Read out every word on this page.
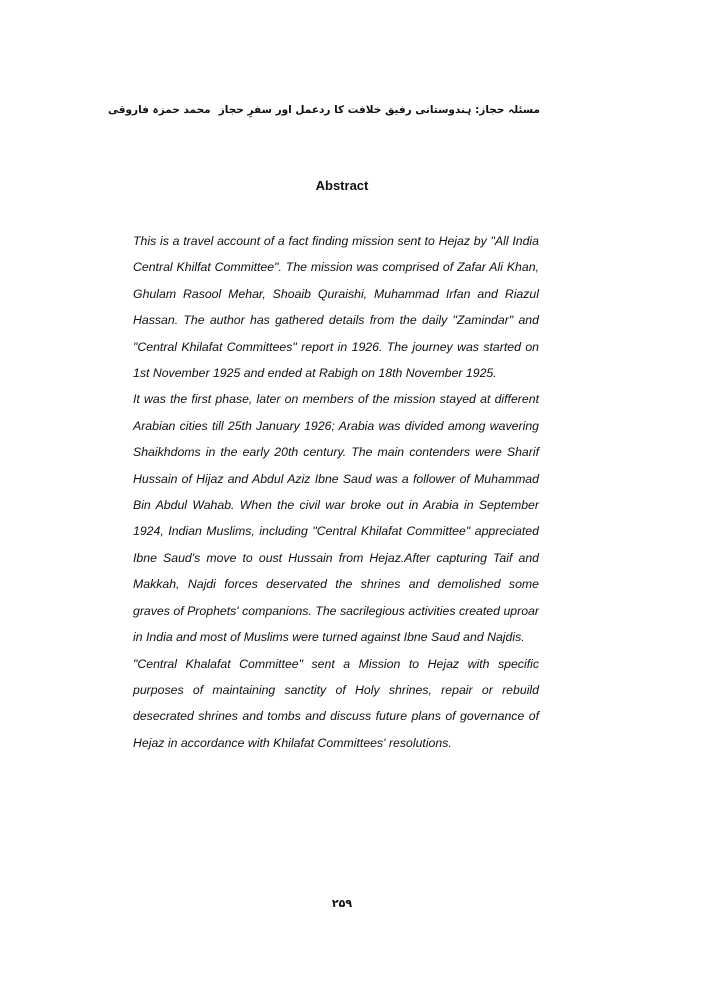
مسئلہ حجاز: ہندوستانی رفیق خلافت کا ردعمل اور سفرِ حجاز
محمد حمزہ فاروقی
Abstract

This is a travel account of a fact finding mission sent to Hejaz by "All India Central Khilfat Committee". The mission was comprised of Zafar Ali Khan, Ghulam Rasool Mehar, Shoaib Quraishi, Muhammad Irfan and Riazul Hassan. The author has gathered details from the daily "Zamindar" and "Central Khilafat Committees" report in 1926. The journey was started on 1st November 1925 and ended at Rabigh on 18th November 1925.

It was the first phase, later on members of the mission stayed at different Arabian cities till 25th January 1926; Arabia was divided among wavering Shaikhdoms in the early 20th century. The main contenders were Sharif Hussain of Hijaz and Abdul Aziz Ibne Saud was a follower of Muhammad Bin Abdul Wahab. When the civil war broke out in Arabia in September 1924, Indian Muslims, including "Central Khilafat Committee" appreciated Ibne Saud's move to oust Hussain from Hejaz.After capturing Taif and Makkah, Najdi forces deservated the shrines and demolished some graves of Prophets' companions. The sacrilegious activities created uproar in India and most of Muslims were turned against Ibne Saud and Najdis.

"Central Khalafat Committee" sent a Mission to Hejaz with specific purposes of maintaining sanctity of Holy shrines, repair or rebuild desecrated shrines and tombs and discuss future plans of governance of Hejaz in accordance with Khilafat Committees' resolutions.

۲۵۹
